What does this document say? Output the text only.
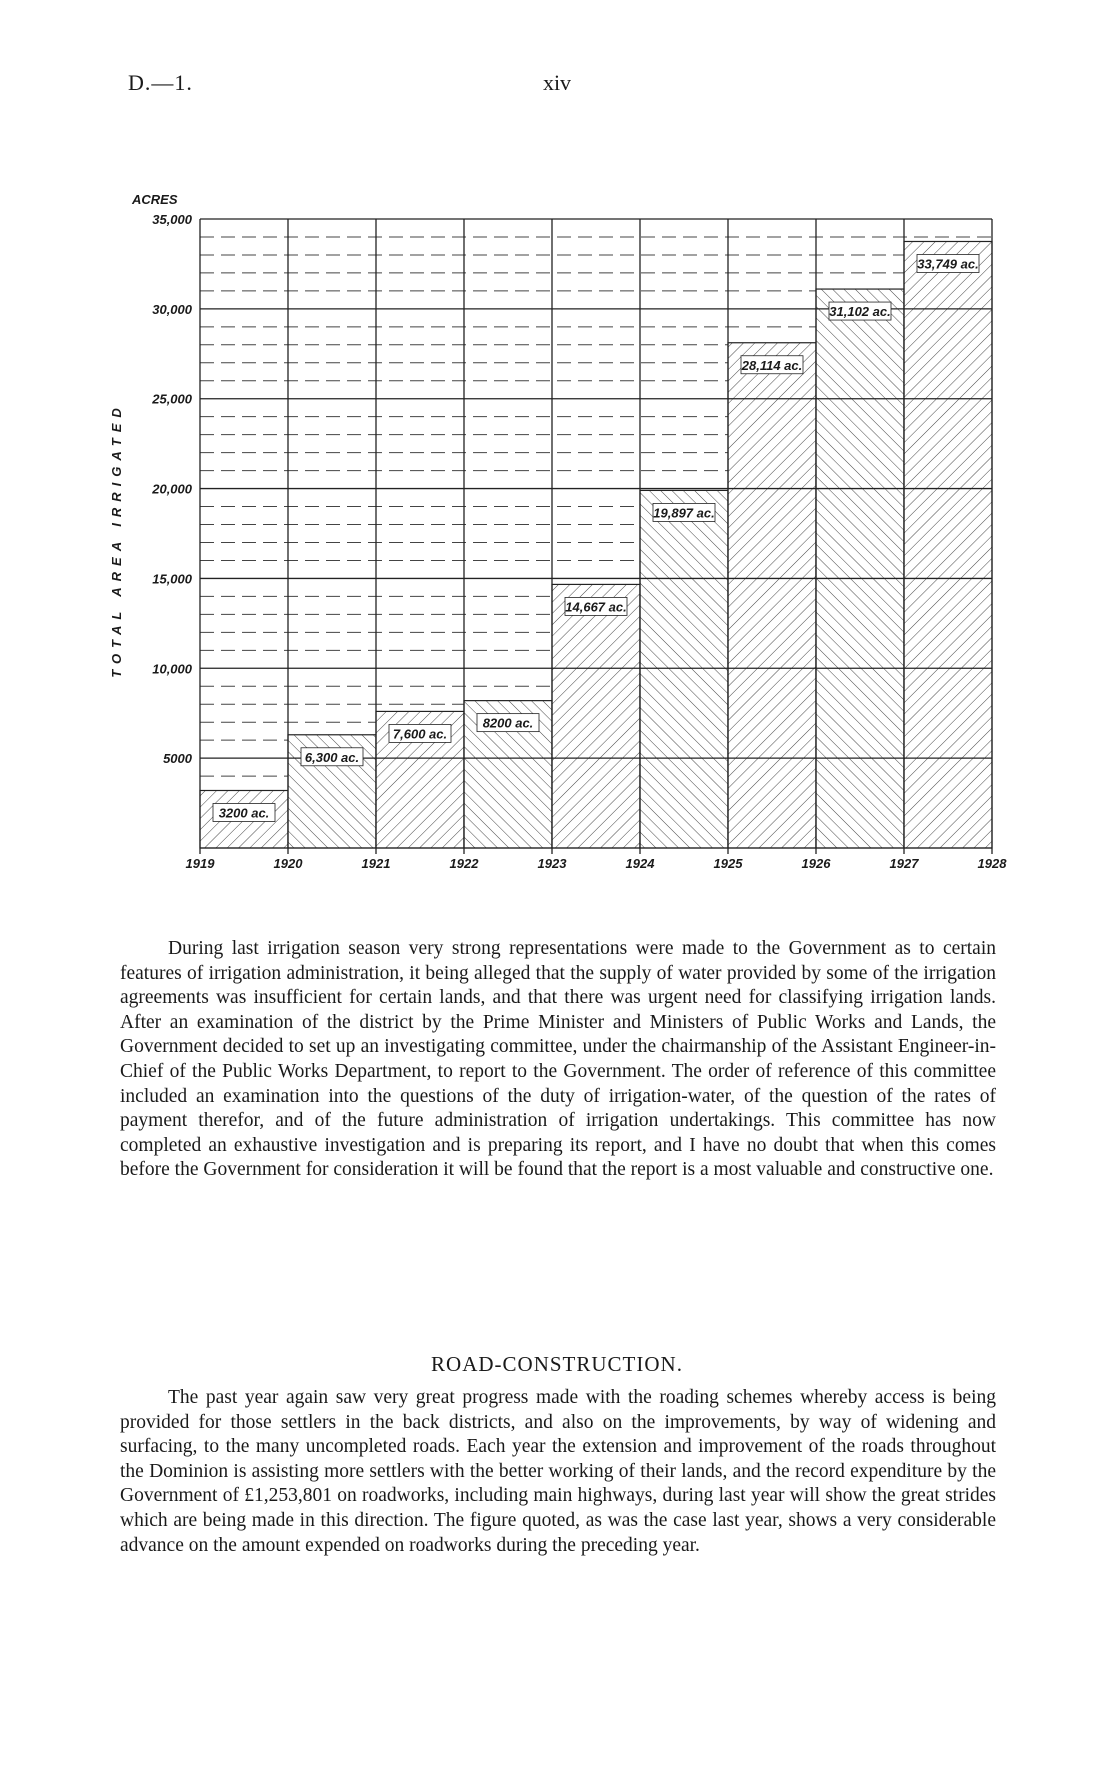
D.—1.	xiv
35,000
30,000
25,000
20,000
15,000
10,000
5000
1919	1920	1921	1922	1923	1924	1925	1926	1927	1928
3200 ac.
6,300 ac.
7,600 ac.
8200 ac.
14,667 ac.
19,897 ac.
28,114 ac.
31,102 ac.
33,749 ac.
ACRES
TOTAL AREA IRRIGATED

During last irrigation season very strong representations were made to the Government as to certain features of irrigation administration, it being alleged that the supply of water provided by some of the irrigation agreements was insufficient for certain lands, and that there was urgent need for classifying irrigation lands. After an examination of the district by the Prime Minister and Ministers of Public Works and Lands, the Government decided to set up an investigating committee, under the chairmanship of the Assistant Engineer-in-Chief of the Public Works Department, to report to the Government. The order of reference of this committee included an examination into the questions of the duty of irrigation-water, of the question of the rates of payment therefor, and of the future administration of irrigation undertakings. This committee has now completed an exhaustive investigation and is preparing its report, and I have no doubt that when this comes before the Government for consideration it will be found that the report is a most valuable and constructive one.

ROAD-CONSTRUCTION.

The past year again saw very great progress made with the roading schemes whereby access is being provided for those settlers in the back districts, and also on the improvements, by way of widening and surfacing, to the many uncompleted roads. Each year the extension and improvement of the roads throughout the Dominion is assisting more settlers with the better working of their lands, and the record expenditure by the Government of £1,253,801 on roadworks, including main highways, during last year will show the great strides which are being made in this direction. The figure quoted, as was the case last year, shows a very considerable advance on the amount expended on roadworks during the preceding year.
